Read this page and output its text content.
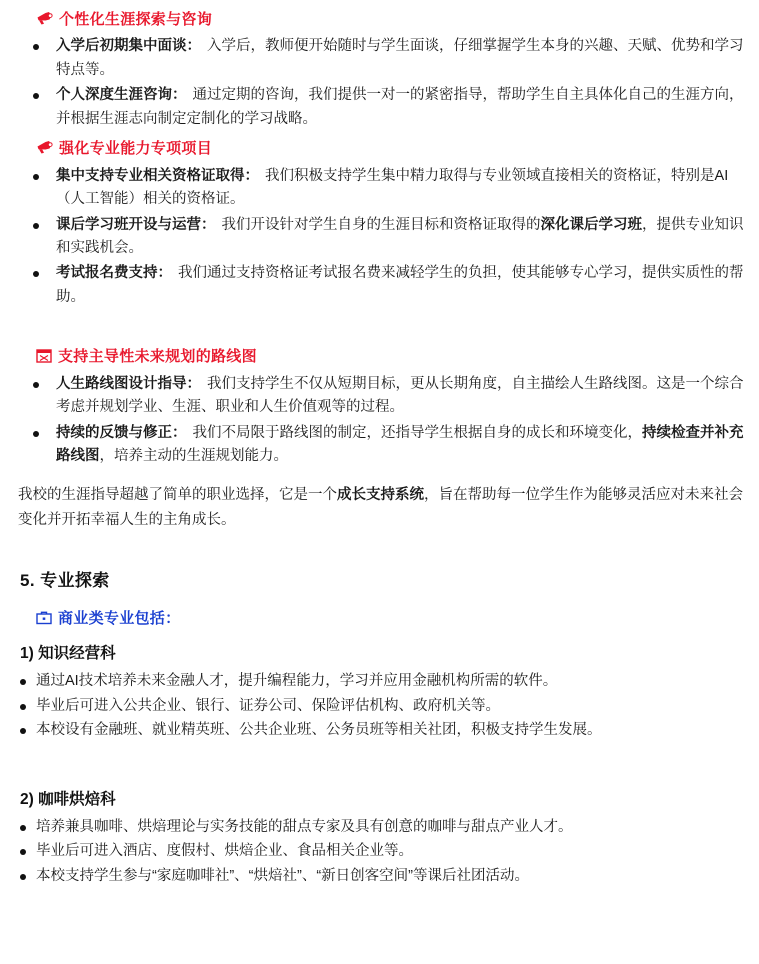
个性化生涯探索与咨询
入学后初期集中面谈： 入学后，教师便开始随时与学生面谈，仔细掌握学生本身的兴趣、天赋、优势和学习特点等。
个人深度生涯咨询： 通过定期的咨询，我们提供一对一的紧密指导，帮助学生自主具体化自己的生涯方向，并根据生涯志向制定定制化的学习战略。
强化专业能力专项项目
集中支持专业相关资格证取得： 我们积极支持学生集中精力取得与专业领域直接相关的资格证，特别是AI（人工智能）相关的资格证。
课后学习班开设与运营： 我们开设针对学生自身的生涯目标和资格证取得的深化课后学习班，提供专业知识和实践机会。
考试报名费支持： 我们通过支持资格证考试报名费来减轻学生的负担，使其能够专心学习，提供实质性的帮助。
支持主导性未来规划的路线图
人生路线图设计指导： 我们支持学生不仅从短期目标，更从长期角度，自主描绘人生路线图。这是一个综合考虑并规划学业、生涯、职业和人生价值观等的过程。
持续的反馈与修正： 我们不局限于路线图的制定，还指导学生根据自身的成长和环境变化，持续检查并补充路线图，培养主动的生涯规划能力。

我校的生涯指导超越了简单的职业选择，它是一个成长支持系统，旨在帮助每一位学生作为能够灵活应对未来社会变化并开拓幸福人生的主角成长。

5. 专业探索
商业类专业包括：
1) 知识经营科
通过AI技术培养未来金融人才，提升编程能力，学习并应用金融机构所需的软件。
毕业后可进入公共企业、银行、证券公司、保险评估机构、政府机关等。
本校设有金融班、就业精英班、公共企业班、公务员班等相关社团，积极支持学生发展。
2) 咖啡烘焙科
培养兼具咖啡、烘焙理论与实务技能的甜点专家及具有创意的咖啡与甜点产业人才。
毕业后可进入酒店、度假村、烘焙企业、食品相关企业等。
本校支持学生参与“家庭咖啡社”、“烘焙社”、“新日创客空间”等课后社团活动。
